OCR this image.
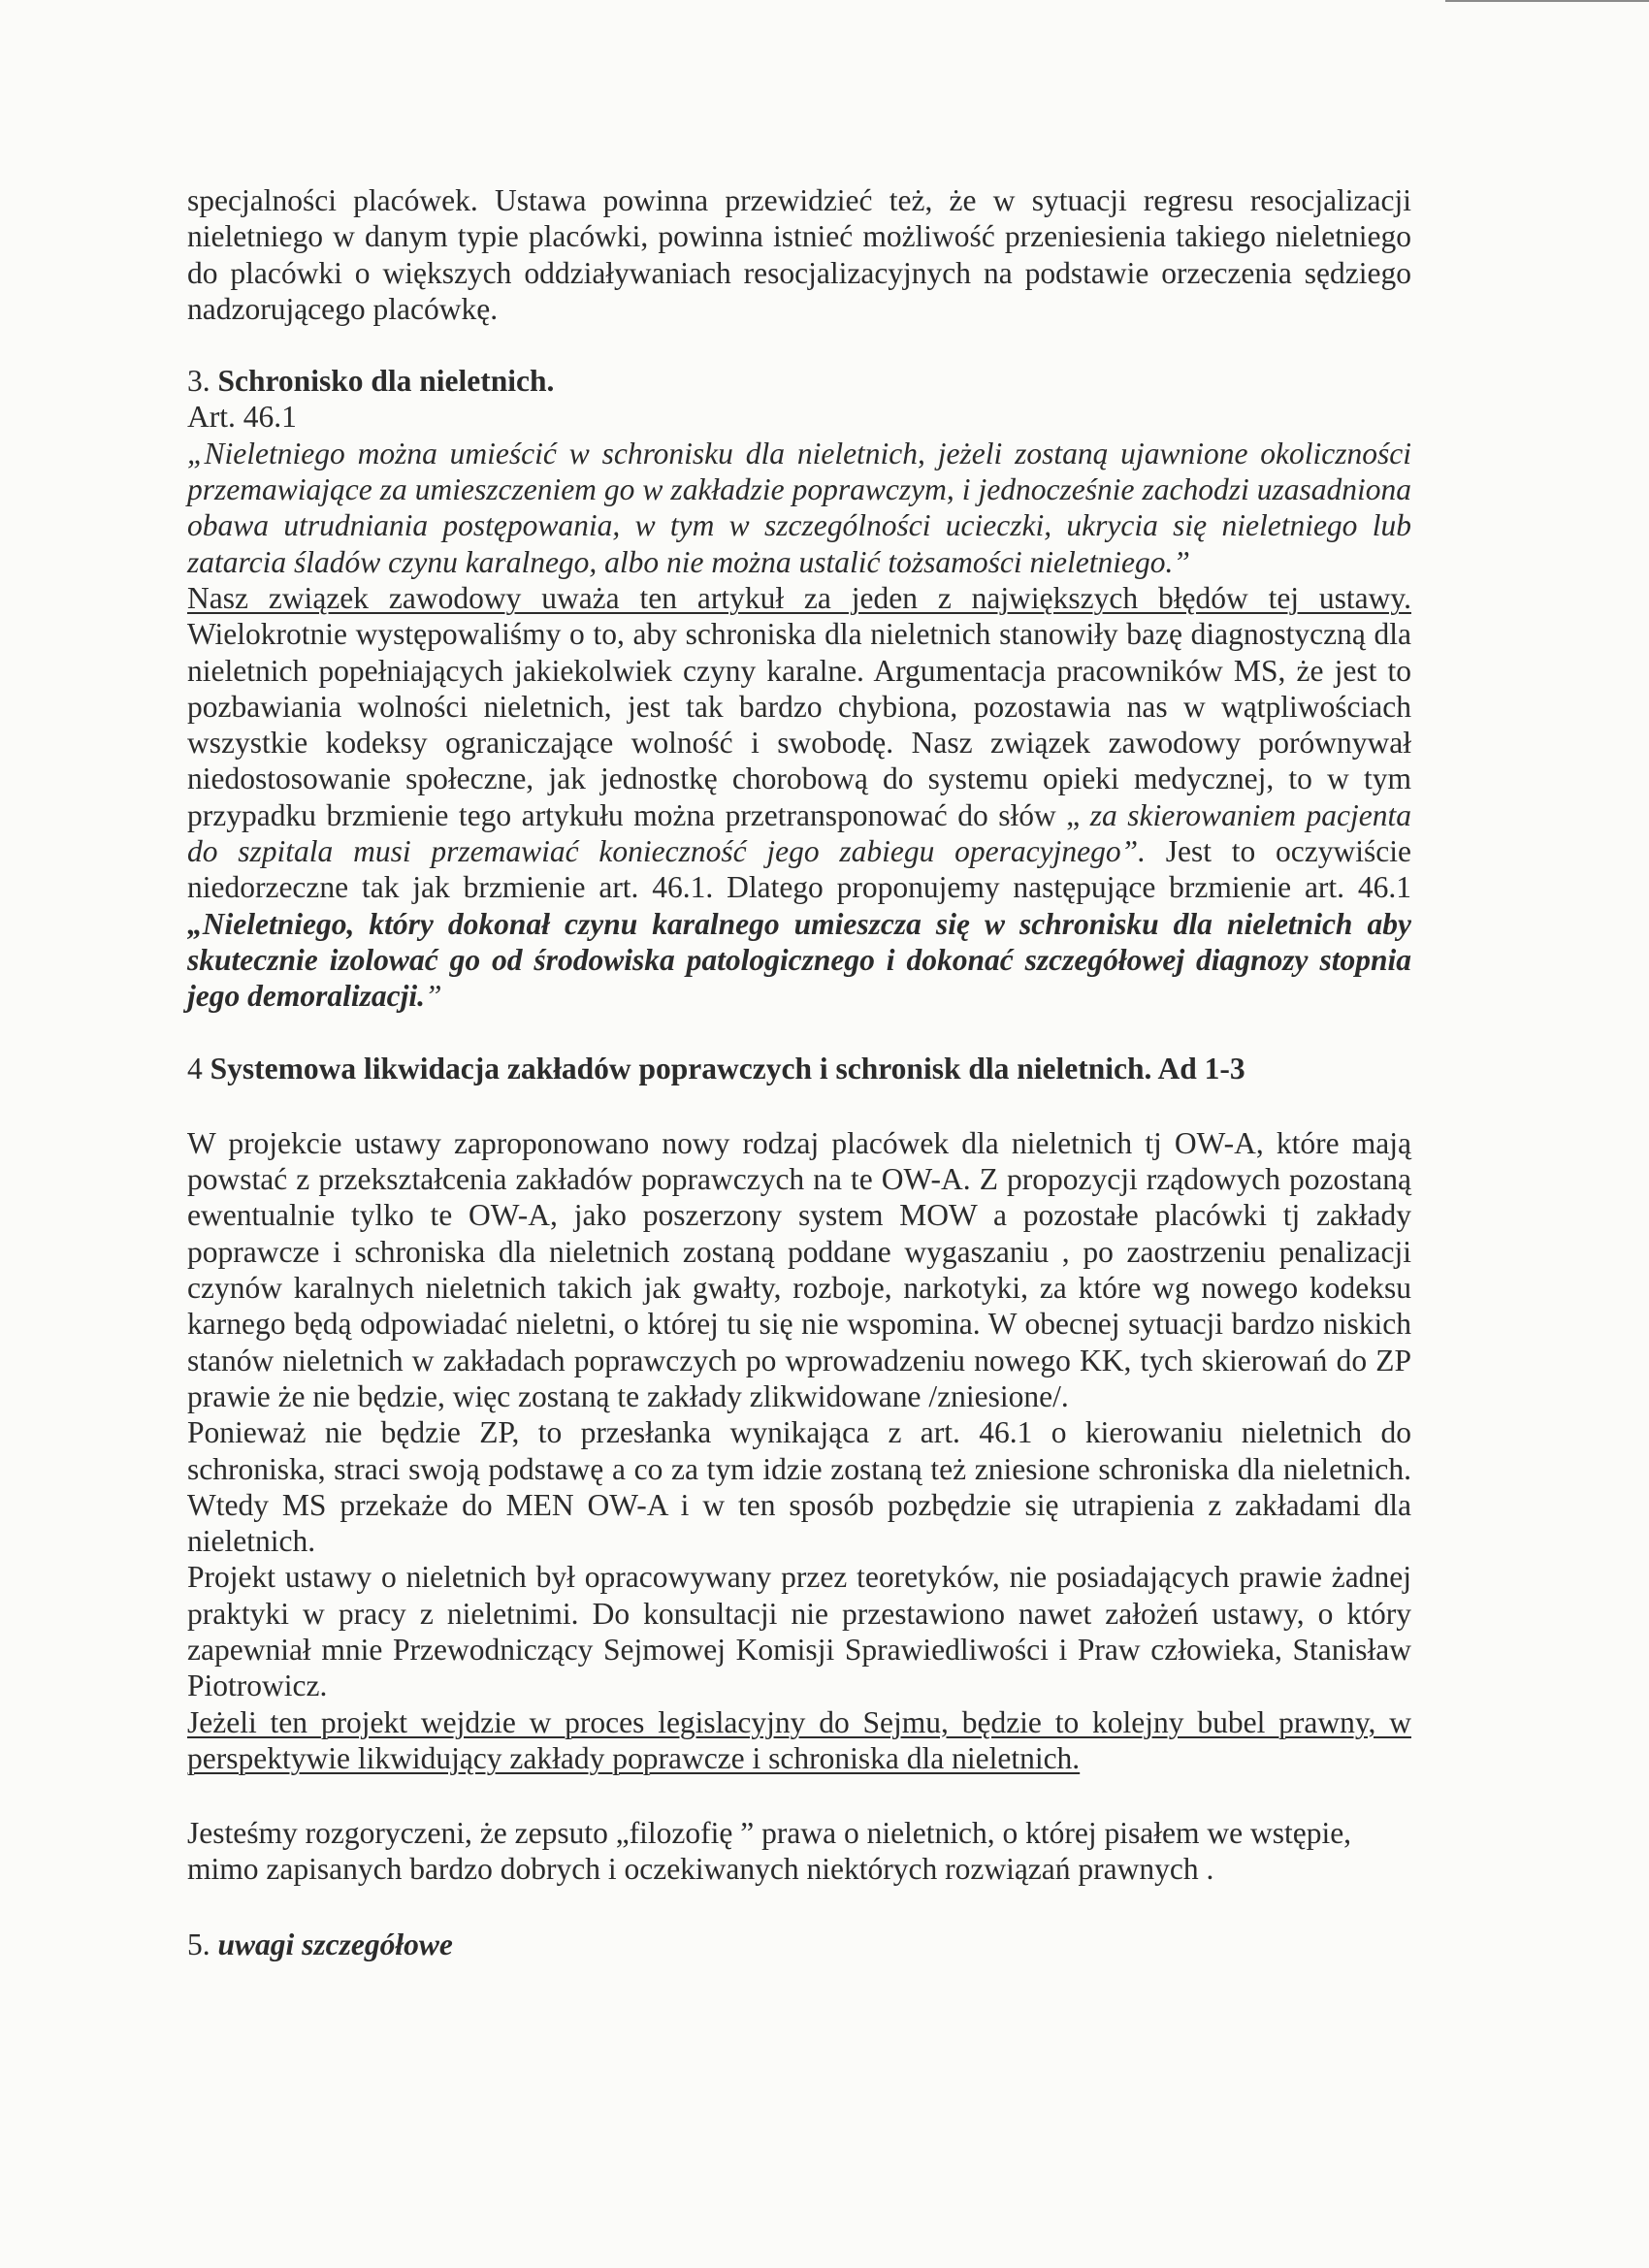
specjalności placówek. Ustawa powinna przewidzieć też, że w sytuacji regresu resocjalizacji nieletniego w danym typie placówki, powinna istnieć możliwość przeniesienia takiego nieletniego do placówki o większych oddziaływaniach resocjalizacyjnych na podstawie orzeczenia sędziego nadzorującego placówkę.

3. Schronisko dla nieletnich.

Art. 46.1

„Nieletniego można umieścić w schronisku dla nieletnich, jeżeli zostaną ujawnione okoliczności przemawiające za umieszczeniem go w zakładzie poprawczym, i jednocześnie zachodzi uzasadniona obawa utrudniania postępowania, w tym w szczególności ucieczki, ukrycia się nieletniego lub zatarcia śladów czynu karalnego, albo nie można ustalić tożsamości nieletniego.”

Nasz związek zawodowy uważa ten artykuł za jeden z największych błędów tej ustawy.

Wielokrotnie występowaliśmy o to, aby schroniska dla nieletnich stanowiły bazę diagnostyczną dla nieletnich popełniających jakiekolwiek czyny karalne. Argumentacja pracowników MS, że jest to pozbawiania wolności nieletnich, jest tak bardzo chybiona, pozostawia nas w wątpliwościach wszystkie kodeksy ograniczające wolność i swobodę. Nasz związek zawodowy porównywał niedostosowanie społeczne, jak jednostkę chorobową do systemu opieki medycznej, to w tym przypadku brzmienie tego artykułu można przetransponować do słów „ za skierowaniem pacjenta do szpitala musi przemawiać konieczność jego zabiegu operacyjnego”. Jest to oczywiście niedorzeczne tak jak brzmienie art. 46.1. Dlatego proponujemy następujące brzmienie art. 46.1 „Nieletniego, który dokonał czynu karalnego umieszcza się w schronisku dla nieletnich aby skutecznie izolować go od środowiska patologicznego i dokonać szczegółowej diagnozy stopnia jego demoralizacji.”

4 Systemowa likwidacja zakładów poprawczych i schronisk dla nieletnich. Ad 1-3

W projekcie ustawy zaproponowano nowy rodzaj placówek dla nieletnich tj OW-A, które mają powstać z przekształcenia zakładów poprawczych na te OW-A. Z propozycji rządowych pozostaną ewentualnie tylko te OW-A, jako poszerzony system MOW a pozostałe placówki tj zakłady poprawcze i schroniska dla nieletnich zostaną poddane wygaszaniu , po zaostrzeniu penalizacji czynów karalnych nieletnich takich jak gwałty, rozboje, narkotyki, za które wg nowego kodeksu karnego będą odpowiadać nieletni, o której tu się nie wspomina. W obecnej sytuacji bardzo niskich stanów nieletnich w zakładach poprawczych po wprowadzeniu nowego KK, tych skierowań do ZP prawie że nie będzie, więc zostaną te zakłady zlikwidowane /zniesione/.

Ponieważ nie będzie ZP, to przesłanka wynikająca z art. 46.1 o kierowaniu nieletnich do schroniska, straci swoją podstawę a co za tym idzie zostaną też zniesione schroniska dla nieletnich. Wtedy MS przekaże do MEN OW-A i w ten sposób pozbędzie się utrapienia z zakładami dla nieletnich.

Projekt ustawy o nieletnich był opracowywany przez teoretyków, nie posiadających prawie żadnej praktyki w pracy z nieletnimi. Do konsultacji nie przestawiono nawet założeń ustawy, o który zapewniał mnie Przewodniczący Sejmowej Komisji Sprawiedliwości i Praw człowieka, Stanisław Piotrowicz.

Jeżeli ten projekt wejdzie w proces legislacyjny do Sejmu, będzie to kolejny bubel prawny, w

perspektywie likwidujący zakłady poprawcze i schroniska dla nieletnich.

Jesteśmy rozgoryczeni, że zepsuto „filozofię ” prawa o nieletnich, o której pisałem we wstępie, mimo zapisanych bardzo dobrych i oczekiwanych niektórych rozwiązań prawnych .

5. uwagi szczegółowe
